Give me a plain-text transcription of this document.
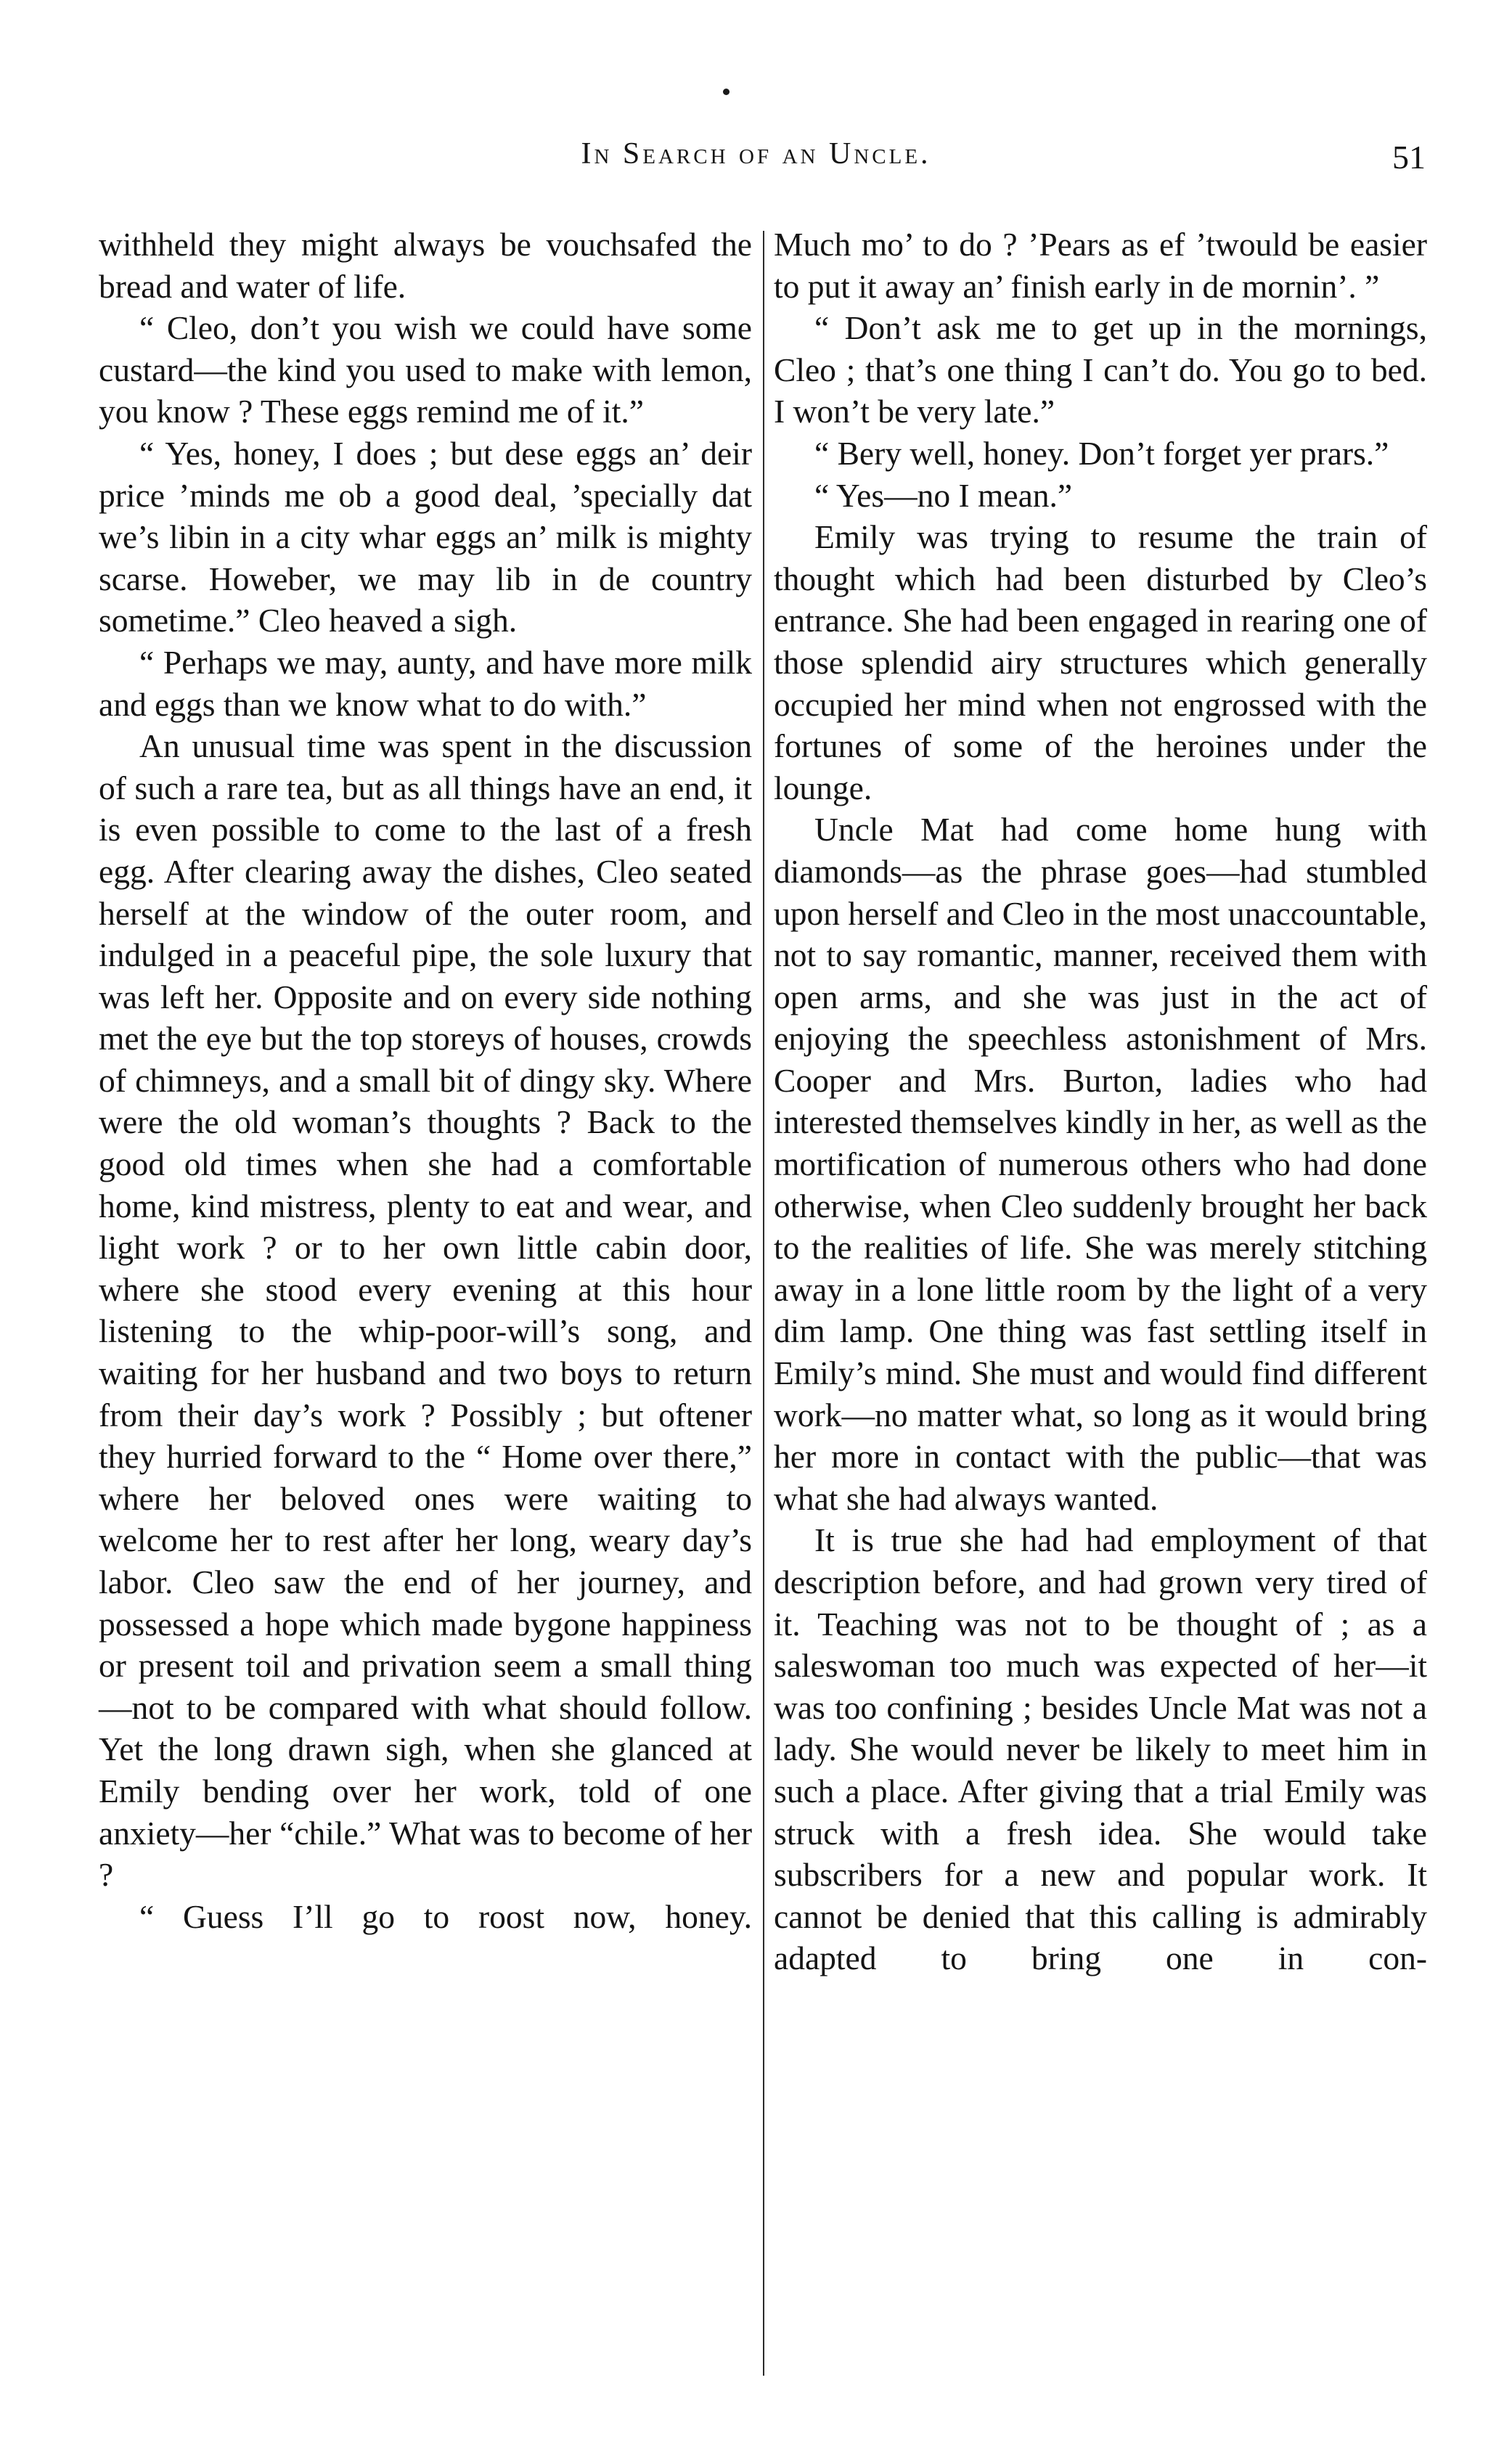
In Search of an Uncle.	51

withheld they might always be vouchsafed the bread and water of life.

“ Cleo, don’t you wish we could have some custard—the kind you used to make with lemon, you know ? These eggs remind me of it.”

“ Yes, honey, I does ; but dese eggs an’ deir price ’minds me ob a good deal, ’specially dat we’s libin in a city whar eggs an’ milk is mighty scarse. Howeber, we may lib in de country sometime.” Cleo heaved a sigh.

“ Perhaps we may, aunty, and have more milk and eggs than we know what to do with.”

An unusual time was spent in the discussion of such a rare tea, but as all things have an end, it is even possible to come to the last of a fresh egg. After clearing away the dishes, Cleo seated herself at the window of the outer room, and indulged in a peaceful pipe, the sole luxury that was left her. Opposite and on every side nothing met the eye but the top storeys of houses, crowds of chimneys, and a small bit of dingy sky. Where were the old woman’s thoughts ? Back to the good old times when she had a comfortable home, kind mistress, plenty to eat and wear, and light work ? or to her own little cabin door, where she stood every evening at this hour listening to the whip-poor-will’s song, and waiting for her husband and two boys to return from their day’s work ? Possibly ; but oftener they hurried forward to the “ Home over there,” where her beloved ones were waiting to welcome her to rest after her long, weary day’s labor. Cleo saw the end of her journey, and possessed a hope which made bygone happiness or present toil and privation seem a small thing—not to be compared with what should follow. Yet the long drawn sigh, when she glanced at Emily bending over her work, told of one anxiety—her “chile.” What was to become of her ?

“ Guess I’ll go to roost now, honey.

Much mo’ to do ? ’Pears as ef ’twould be easier to put it away an’ finish early in de mornin’. ”

“ Don’t ask me to get up in the mornings, Cleo ; that’s one thing I can’t do. You go to bed. I won’t be very late.”

“ Bery well, honey. Don’t forget yer prars.”

“ Yes—no I mean.”

Emily was trying to resume the train of thought which had been disturbed by Cleo’s entrance. She had been engaged in rearing one of those splendid airy structures which generally occupied her mind when not engrossed with the fortunes of some of the heroines under the lounge.

Uncle Mat had come home hung with diamonds—as the phrase goes—had stumbled upon herself and Cleo in the most unaccountable, not to say romantic, manner, received them with open arms, and she was just in the act of enjoying the speechless astonishment of Mrs. Cooper and Mrs. Burton, ladies who had interested themselves kindly in her, as well as the mortification of numerous others who had done otherwise, when Cleo suddenly brought her back to the realities of life. She was merely stitching away in a lone little room by the light of a very dim lamp. One thing was fast settling itself in Emily’s mind. She must and would find different work—no matter what, so long as it would bring her more in contact with the public—that was what she had always wanted.

It is true she had had employment of that description before, and had grown very tired of it. Teaching was not to be thought of ; as a saleswoman too much was expected of her—it was too confining ; besides Uncle Mat was not a lady. She would never be likely to meet him in such a place. After giving that a trial Emily was struck with a fresh idea. She would take subscribers for a new and popular work. It cannot be denied that this calling is admirably adapted to bring one in con-
